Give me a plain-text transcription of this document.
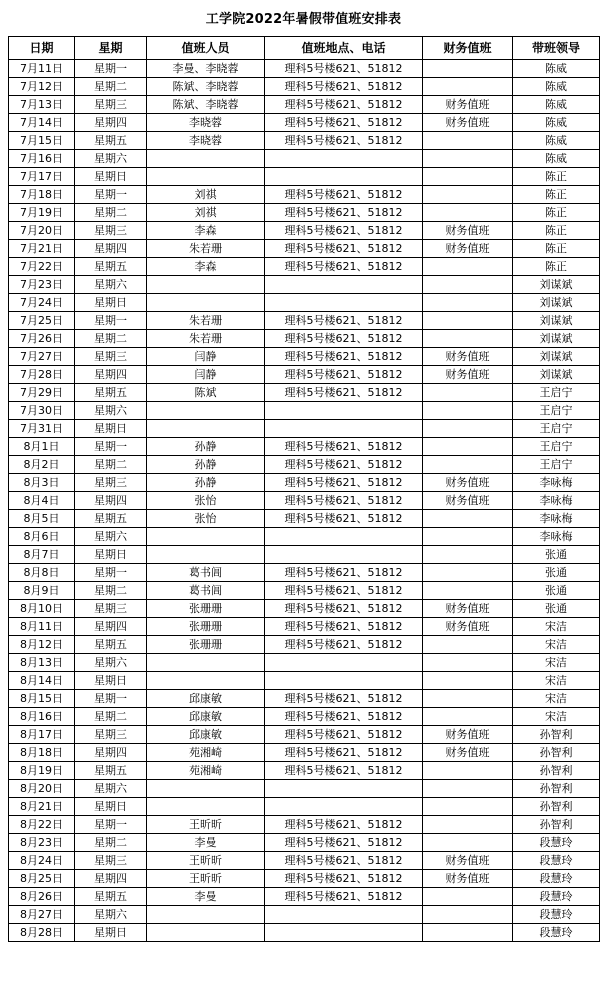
工学院2022年暑假带值班安排表
日期	星期	值班人员	值班地点、电话	财务值班	带班领导
7月11日	星期一	李曼、李晓蓉	理科5号楼621、51812		陈威
7月12日	星期二	陈斌、李晓蓉	理科5号楼621、51812		陈威
7月13日	星期三	陈斌、李晓蓉	理科5号楼621、51812	财务值班	陈威
7月14日	星期四	李晓蓉	理科5号楼621、51812	财务值班	陈威
7月15日	星期五	李晓蓉	理科5号楼621、51812		陈威
7月16日	星期六				陈威
7月17日	星期日				陈正
7月18日	星期一	刘祺	理科5号楼621、51812		陈正
7月19日	星期二	刘祺	理科5号楼621、51812		陈正
7月20日	星期三	李森	理科5号楼621、51812	财务值班	陈正
7月21日	星期四	朱若珊	理科5号楼621、51812	财务值班	陈正
7月22日	星期五	李森	理科5号楼621、51812		陈正
7月23日	星期六				刘谋斌
7月24日	星期日				刘谋斌
7月25日	星期一	朱若珊	理科5号楼621、51812		刘谋斌
7月26日	星期二	朱若珊	理科5号楼621、51812		刘谋斌
7月27日	星期三	闫静	理科5号楼621、51812	财务值班	刘谋斌
7月28日	星期四	闫静	理科5号楼621、51812	财务值班	刘谋斌
7月29日	星期五	陈斌	理科5号楼621、51812		王启宁
7月30日	星期六				王启宁
7月31日	星期日				王启宁
8月1日	星期一	孙静	理科5号楼621、51812		王启宁
8月2日	星期二	孙静	理科5号楼621、51812		王启宁
8月3日	星期三	孙静	理科5号楼621、51812	财务值班	李咏梅
8月4日	星期四	张怡	理科5号楼621、51812	财务值班	李咏梅
8月5日	星期五	张怡	理科5号楼621、51812		李咏梅
8月6日	星期六				李咏梅
8月7日	星期日				张通
8月8日	星期一	葛书阊	理科5号楼621、51812		张通
8月9日	星期二	葛书阊	理科5号楼621、51812		张通
8月10日	星期三	张珊珊	理科5号楼621、51812	财务值班	张通
8月11日	星期四	张珊珊	理科5号楼621、51812	财务值班	宋洁
8月12日	星期五	张珊珊	理科5号楼621、51812		宋洁
8月13日	星期六				宋洁
8月14日	星期日				宋洁
8月15日	星期一	邱康敏	理科5号楼621、51812		宋洁
8月16日	星期二	邱康敏	理科5号楼621、51812		宋洁
8月17日	星期三	邱康敏	理科5号楼621、51812	财务值班	孙智利
8月18日	星期四	苑湘崎	理科5号楼621、51812	财务值班	孙智利
8月19日	星期五	苑湘崎	理科5号楼621、51812		孙智利
8月20日	星期六				孙智利
8月21日	星期日				孙智利
8月22日	星期一	王昕昕	理科5号楼621、51812		孙智利
8月23日	星期二	李曼	理科5号楼621、51812		段慧玲
8月24日	星期三	王昕昕	理科5号楼621、51812	财务值班	段慧玲
8月25日	星期四	王昕昕	理科5号楼621、51812	财务值班	段慧玲
8月26日	星期五	李曼	理科5号楼621、51812		段慧玲
8月27日	星期六				段慧玲
8月28日	星期日				段慧玲
